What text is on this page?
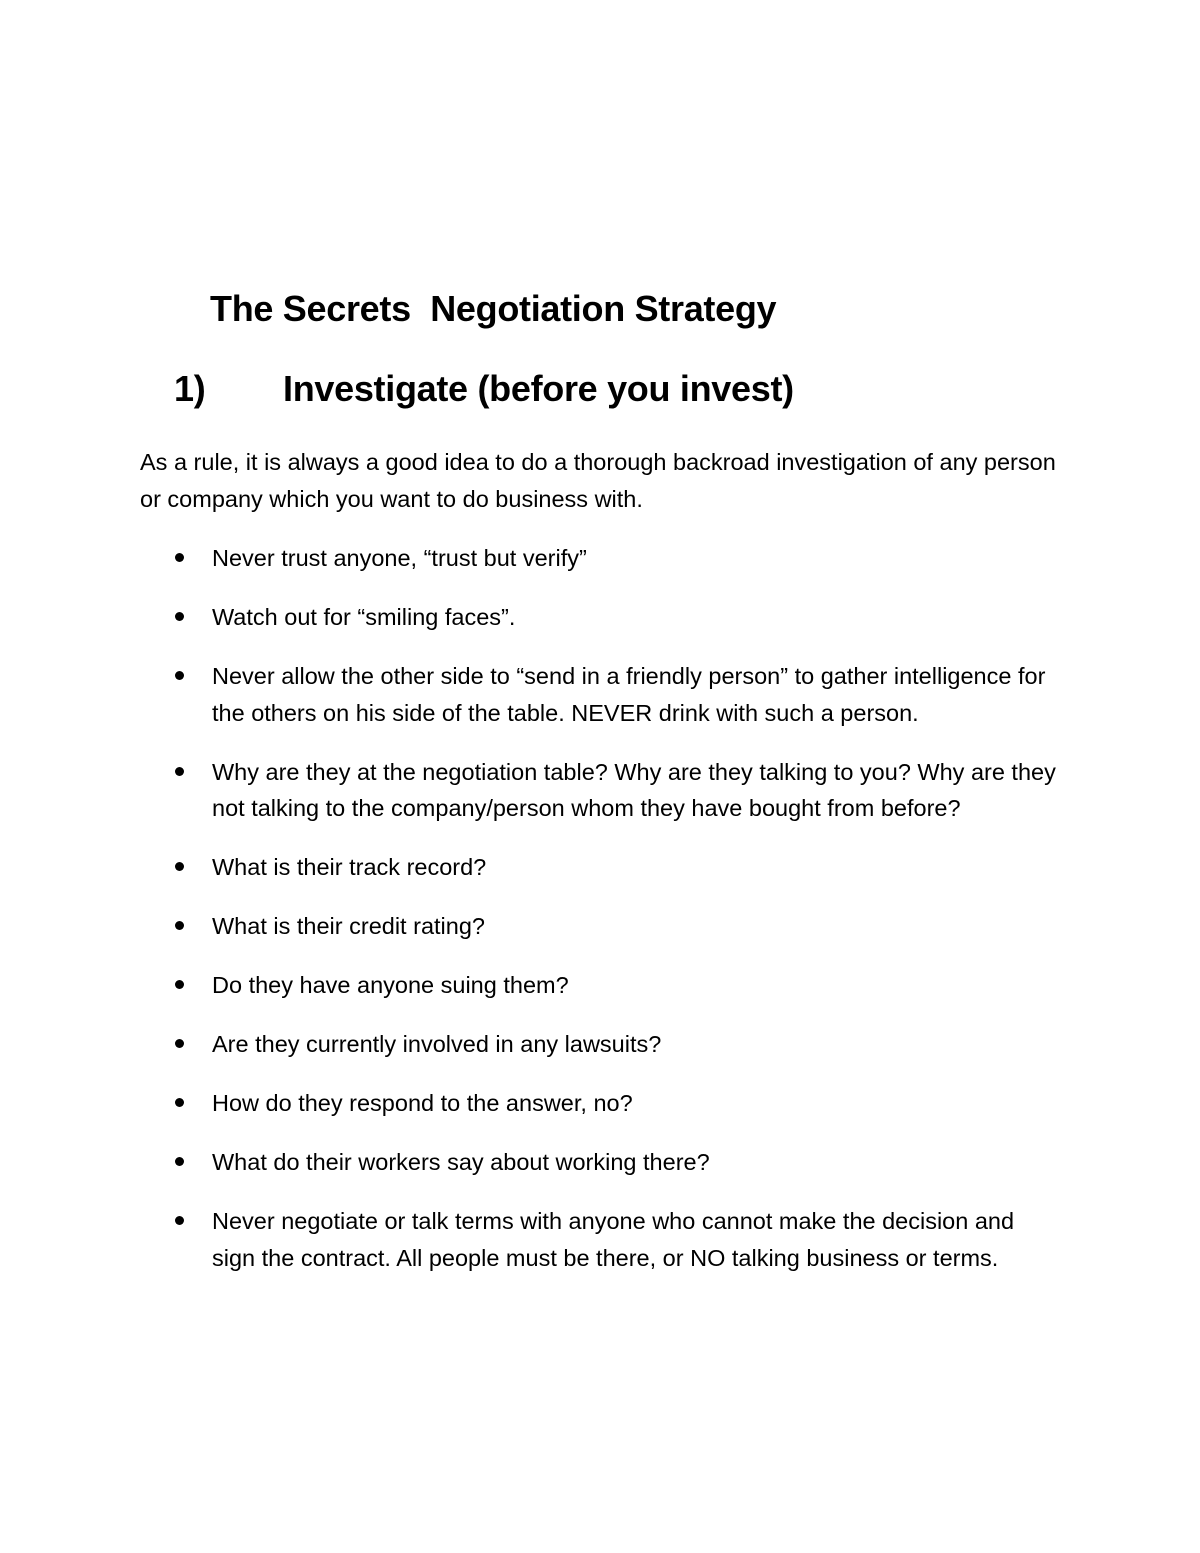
The Secrets  Negotiation Strategy
1) Investigate (before you invest)

As a rule, it is always a good idea to do a thorough backroad investigation of any person or company which you want to do business with.

Never trust anyone, “trust but verify”
Watch out for “smiling faces”.
Never allow the other side to “send in a friendly person” to gather intelligence for the others on his side of the table. NEVER drink with such a person.
Why are they at the negotiation table? Why are they talking to you? Why are they not talking to the company/person whom they have bought from before?
What is their track record?
What is their credit rating?
Do they have anyone suing them?
Are they currently involved in any lawsuits?
How do they respond to the answer, no?
What do their workers say about working there?
Never negotiate or talk terms with anyone who cannot make the decision and sign the contract. All people must be there, or NO talking business or terms.
